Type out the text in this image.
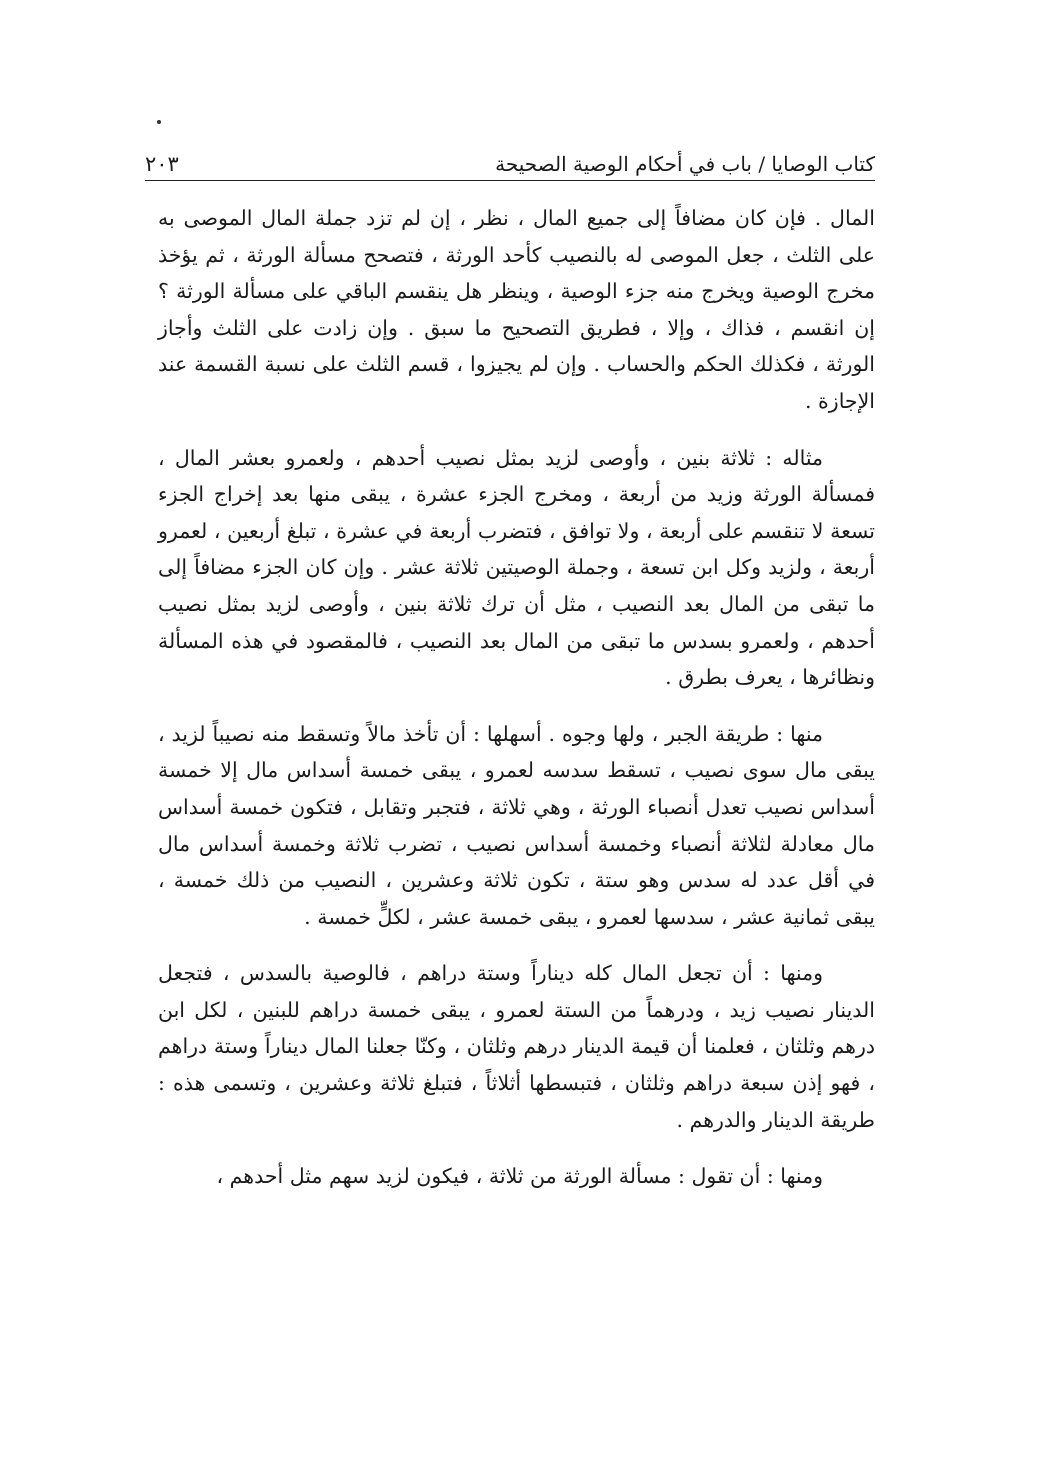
كتاب الوصايا / باب في أحكام الوصية الصحيحة
٢٠٣

المال . فإن كان مضافاً إلى جميع المال ، نظر ، إن لم تزد جملة المال الموصى به على الثلث ، جعل الموصى له بالنصيب كأحد الورثة ، فتصحح مسألة الورثة ، ثم يؤخذ مخرج الوصية ويخرج منه جزء الوصية ، وينظر هل ينقسم الباقي على مسألة الورثة ؟ إن انقسم ، فذاك ، وإلا ، فطريق التصحيح ما سبق . وإن زادت على الثلث وأجاز الورثة ، فكذلك الحكم والحساب . وإن لم يجيزوا ، قسم الثلث على نسبة القسمة عند الإجازة .

مثاله : ثلاثة بنين ، وأوصى لزيد بمثل نصيب أحدهم ، ولعمرو بعشر المال ، فمسألة الورثة وزيد من أربعة ، ومخرج الجزء عشرة ، يبقى منها بعد إخراج الجزء تسعة لا تنقسم على أربعة ، ولا توافق ، فتضرب أربعة في عشرة ، تبلغ أربعين ، لعمرو أربعة ، ولزيد وكل ابن تسعة ، وجملة الوصيتين ثلاثة عشر . وإن كان الجزء مضافاً إلى ما تبقى من المال بعد النصيب ، مثل أن ترك ثلاثة بنين ، وأوصى لزيد بمثل نصيب أحدهم ، ولعمرو بسدس ما تبقى من المال بعد النصيب ، فالمقصود في هذه المسألة ونظائرها ، يعرف بطرق .

منها : طريقة الجبر ، ولها وجوه . أسهلها : أن تأخذ مالاً وتسقط منه نصيباً لزيد ، يبقى مال سوى نصيب ، تسقط سدسه لعمرو ، يبقى خمسة أسداس مال إلا خمسة أسداس نصيب تعدل أنصباء الورثة ، وهي ثلاثة ، فتجبر وتقابل ، فتكون خمسة أسداس مال معادلة لثلاثة أنصباء وخمسة أسداس نصيب ، تضرب ثلاثة وخمسة أسداس مال في أقل عدد له سدس وهو ستة ، تكون ثلاثة وعشرين ، النصيب من ذلك خمسة ، يبقى ثمانية عشر ، سدسها لعمرو ، يبقى خمسة عشر ، لكلٍّ خمسة .

ومنها : أن تجعل المال كله ديناراً وستة دراهم ، فالوصية بالسدس ، فتجعل الدينار نصيب زيد ، ودرهماً من الستة لعمرو ، يبقى خمسة دراهم للبنين ، لكل ابن درهم وثلثان ، فعلمنا أن قيمة الدينار درهم وثلثان ، وكنّا جعلنا المال ديناراً وستة دراهم ، فهو إذن سبعة دراهم وثلثان ، فتبسطها أثلاثاً ، فتبلغ ثلاثة وعشرين ، وتسمى هذه : طريقة الدينار والدرهم .

ومنها : أن تقول : مسألة الورثة من ثلاثة ، فيكون لزيد سهم مثل أحدهم ،
